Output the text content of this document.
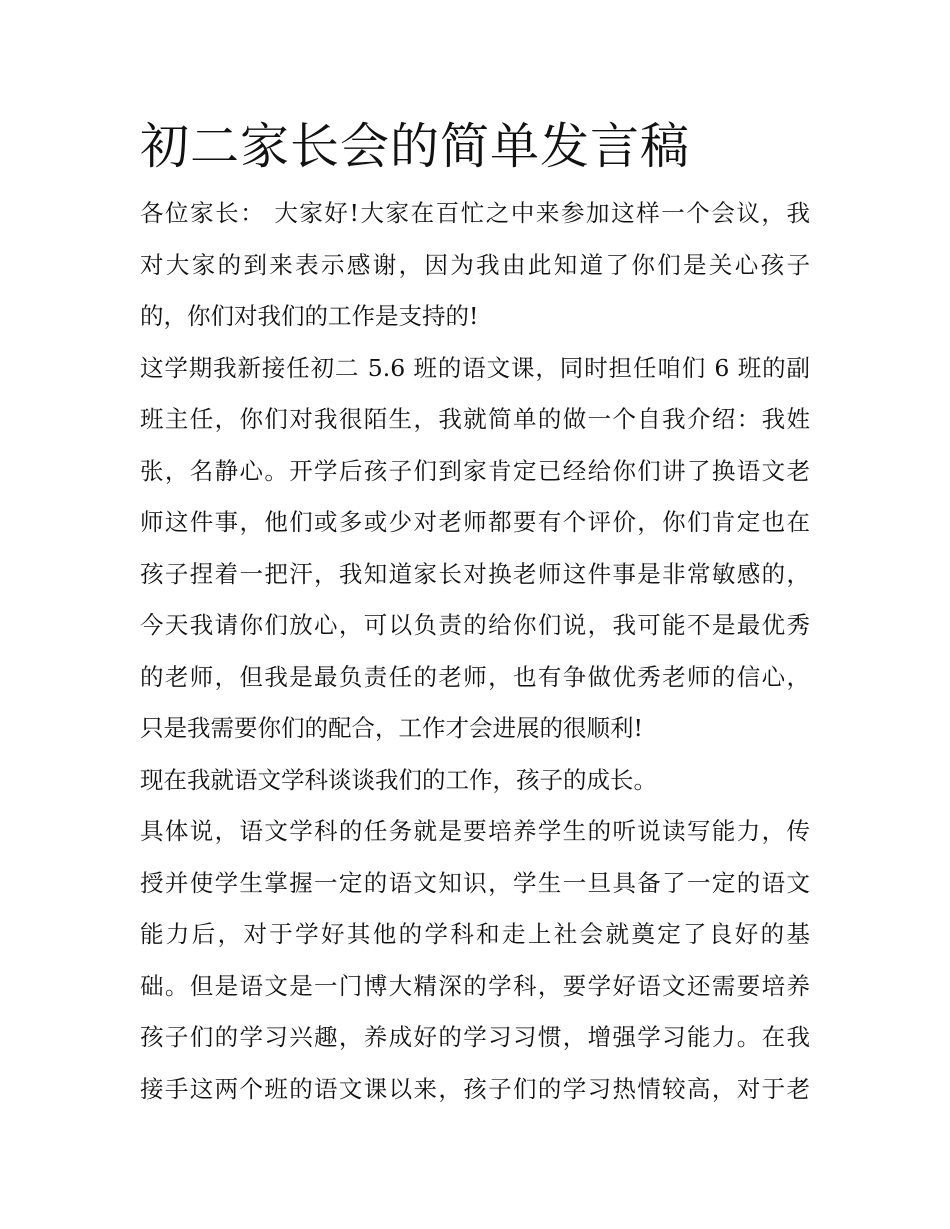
初二家长会的简单发言稿

各位家长： 大家好!大家在百忙之中来参加这样一个会议，我
对大家的到来表示感谢，因为我由此知道了你们是关心孩子
的，你们对我们的工作是支持的!

这学期我新接任初二 5.6 班的语文课，同时担任咱们 6 班的副
班主任，你们对我很陌生，我就简单的做一个自我介绍：我姓
张，名静心。开学后孩子们到家肯定已经给你们讲了换语文老
师这件事，他们或多或少对老师都要有个评价，你们肯定也在
孩子捏着一把汗，我知道家长对换老师这件事是非常敏感的，
今天我请你们放心，可以负责的给你们说，我可能不是最优秀
的老师，但我是最负责任的老师，也有争做优秀老师的信心，
只是我需要你们的配合，工作才会进展的很顺利!

现在我就语文学科谈谈我们的工作，孩子的成长。

具体说，语文学科的任务就是要培养学生的听说读写能力，传
授并使学生掌握一定的语文知识，学生一旦具备了一定的语文
能力后，对于学好其他的学科和走上社会就奠定了良好的基
础。但是语文是一门博大精深的学科，要学好语文还需要培养
孩子们的学习兴趣，养成好的学习习惯，增强学习能力。在我
接手这两个班的语文课以来，孩子们的学习热情较高，对于老
